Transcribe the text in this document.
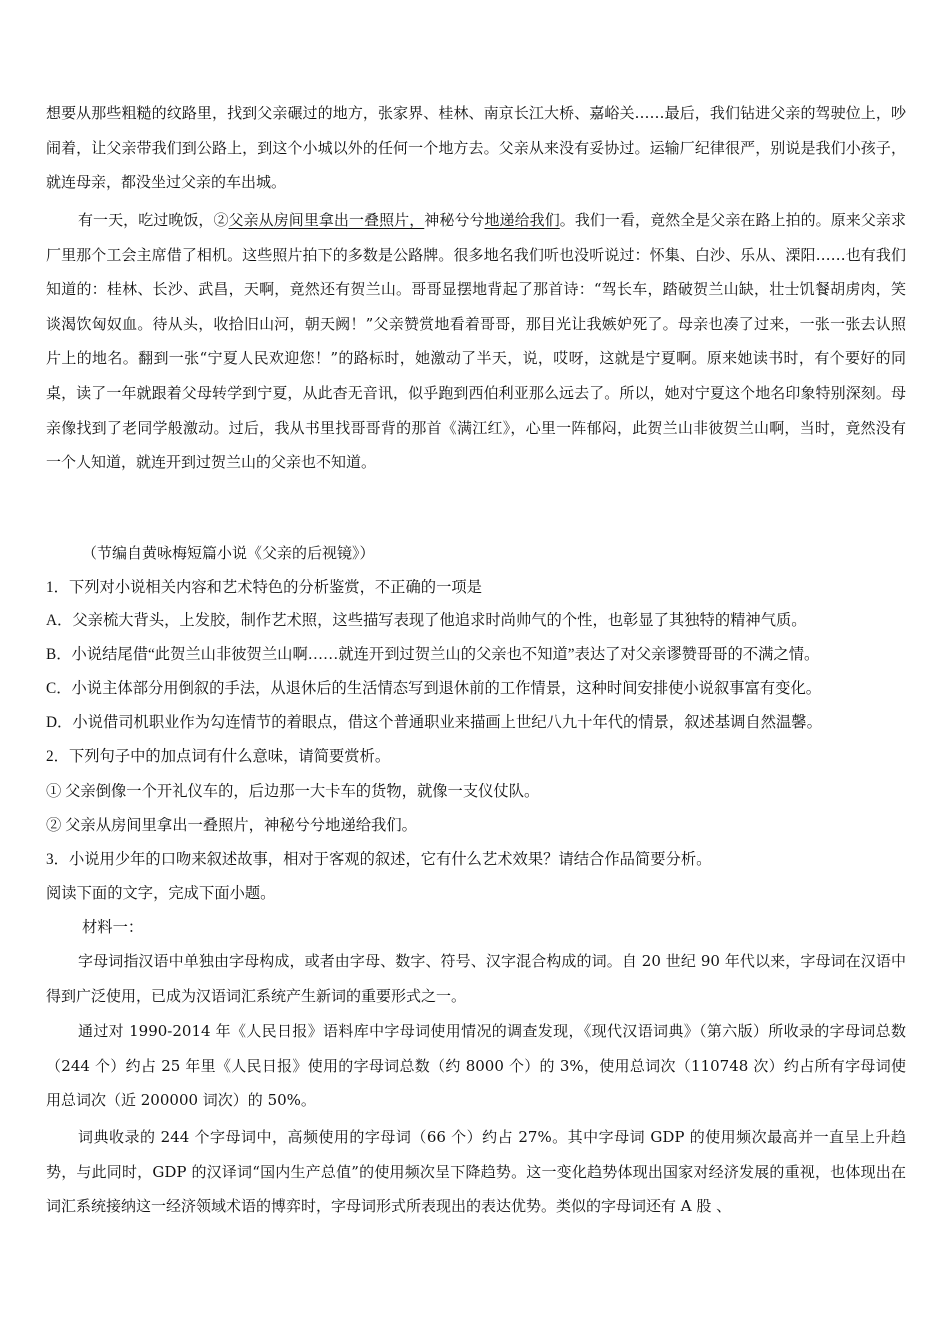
想要从那些粗糙的纹路里，找到父亲碾过的地方，张家界、桂林、南京长江大桥、嘉峪关……最后，我们钻进父亲的驾驶位上，吵闹着，让父亲带我们到公路上，到这个小城以外的任何一个地方去。父亲从来没有妥协过。运输厂纪律很严，别说是我们小孩子，就连母亲，都没坐过父亲的车出城。

有一天，吃过晚饭，②父亲从房间里拿出一叠照片，神秘兮兮地递给我们。我们一看，竟然全是父亲在路上拍的。原来父亲求厂里那个工会主席借了相机。这些照片拍下的多数是公路牌。很多地名我们听也没听说过：怀集、白沙、乐从、溧阳……也有我们知道的：桂林、长沙、武昌，天啊，竟然还有贺兰山。哥哥显摆地背起了那首诗：“驾长车，踏破贺兰山缺，壮士饥餐胡虏肉，笑谈渴饮匈奴血。待从头，收拾旧山河，朝天阙！”父亲赞赏地看着哥哥，那目光让我嫉妒死了。母亲也凑了过来，一张一张去认照片上的地名。翻到一张“宁夏人民欢迎您！”的路标时，她激动了半天，说，哎呀，这就是宁夏啊。原来她读书时，有个要好的同桌，读了一年就跟着父母转学到宁夏，从此杳无音讯，似乎跑到西伯利亚那么远去了。所以，她对宁夏这个地名印象特别深刻。母亲像找到了老同学般激动。过后，我从书里找哥哥背的那首《满江红》，心里一阵郁闷，此贺兰山非彼贺兰山啊，当时，竟然没有一个人知道，就连开到过贺兰山的父亲也不知道。

（节编自黄咏梅短篇小说《父亲的后视镜》）
1．下列对小说相关内容和艺术特色的分析鉴赏，不正确的一项是
A．父亲梳大背头，上发胶，制作艺术照，这些描写表现了他追求时尚帅气的个性，也彰显了其独特的精神气质。
B．小说结尾借“此贺兰山非彼贺兰山啊……就连开到过贺兰山的父亲也不知道”表达了对父亲谬赞哥哥的不满之情。
C．小说主体部分用倒叙的手法，从退休后的生活情态写到退休前的工作情景，这种时间安排使小说叙事富有变化。
D．小说借司机职业作为勾连情节的着眼点，借这个普通职业来描画上世纪八九十年代的情景，叙述基调自然温馨。
2．下列句子中的加点词有什么意味，请简要赏析。
① 父亲倒像一个开礼仪车的，后边那一大卡车的货物，就像一支仪仗队。
② 父亲从房间里拿出一叠照片，神秘兮兮地递给我们。
3．小说用少年的口吻来叙述故事，相对于客观的叙述，它有什么艺术效果？请结合作品简要分析。
阅读下面的文字，完成下面小题。
材料一：

字母词指汉语中单独由字母构成，或者由字母、数字、符号、汉字混合构成的词。自 20 世纪 90 年代以来，字母词在汉语中得到广泛使用，已成为汉语词汇系统产生新词的重要形式之一。

通过对 1990-2014 年《人民日报》语料库中字母词使用情况的调查发现，《现代汉语词典》（第六版）所收录的字母词总数（244 个）约占 25 年里《人民日报》使用的字母词总数（约 8000 个）的 3%，使用总词次（110748 次）约占所有字母词使用总词次（近 200000 词次）的 50%。

词典收录的 244 个字母词中，高频使用的字母词（66 个）约占 27%。其中字母词 GDP 的使用频次最高并一直呈上升趋势，与此同时，GDP 的汉译词“国内生产总值”的使用频次呈下降趋势。这一变化趋势体现出国家对经济发展的重视，也体现出在词汇系统接纳这一经济领域术语的博弈时，字母词形式所表现出的表达优势。类似的字母词还有 A 股 、
